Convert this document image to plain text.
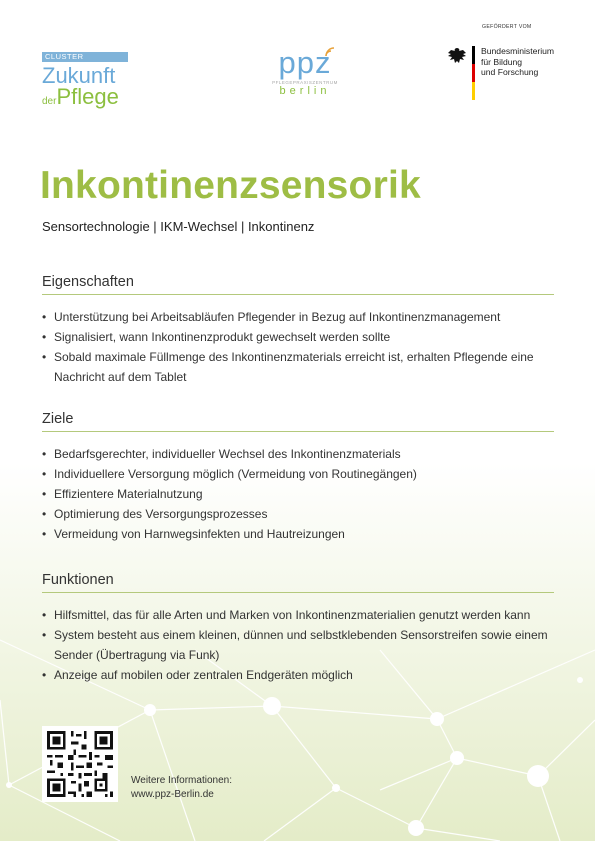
CLUSTER
Zukunft
derPflege
ppz
PFLEGEPRAXISZENTRUM
berlin
GEFÖRDERT VOM
Bundesministerium
für Bildung
und Forschung
Inkontinenzsensorik
Sensortechnologie | IKM-Wechsel | Inkontinenz
Eigenschaften
• Unterstützung bei Arbeitsabläufen Pflegender in Bezug auf Inkontinenzmanagement
• Signalisiert, wann Inkontinenzprodukt gewechselt werden sollte
• Sobald maximale Füllmenge des Inkontinenzmaterials erreicht ist, erhalten Pflegende eine Nachricht auf dem Tablet
Ziele
• Bedarfsgerechter, individueller Wechsel des Inkontinenzmaterials
• Individuellere Versorgung möglich (Vermeidung von Routinegängen)
• Effizientere Materialnutzung
• Optimierung des Versorgungsprozesses
• Vermeidung von Harnwegsinfekten und Hautreizungen
Funktionen
• Hilfsmittel, das für alle Arten und Marken von Inkontinenzmaterialien genutzt werden kann
• System besteht aus einem kleinen, dünnen und selbstklebenden Sensorstreifen sowie einem Sender (Übertragung via Funk)
• Anzeige auf mobilen oder zentralen Endgeräten möglich
Weitere Informationen:
www.ppz-Berlin.de
